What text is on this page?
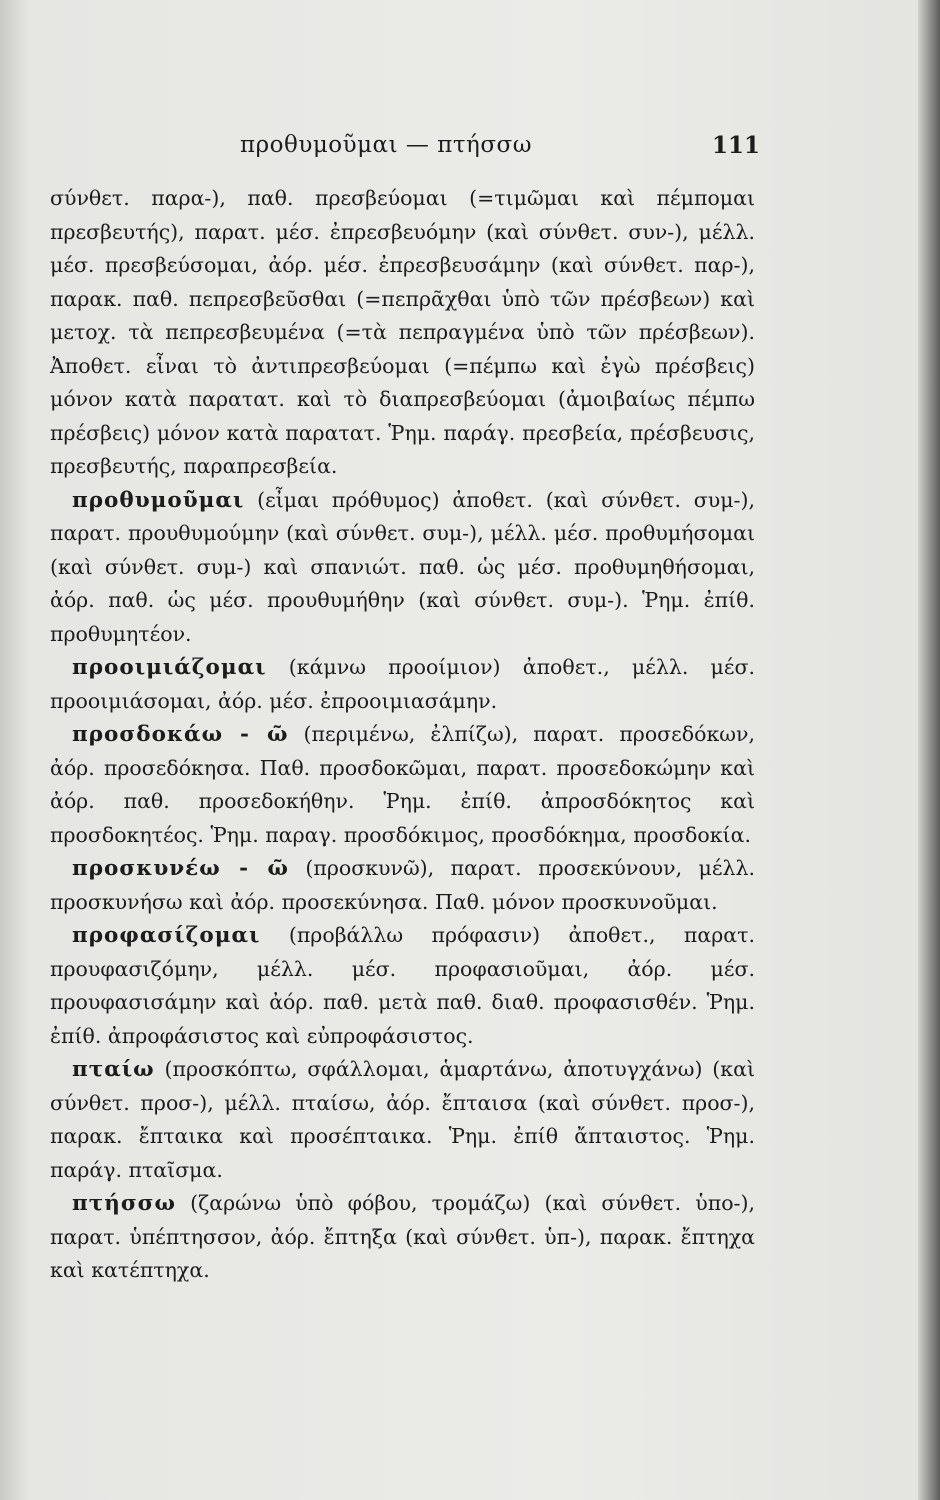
προθυμοῦμαι — πτήσσω	111

σύνθετ. παρα-), παθ. πρεσβεύομαι (=τιμῶμαι καὶ πέμπομαι πρεσβευτής), παρατ. μέσ. ἐπρεσβευόμην (καὶ σύνθετ. συν-), μέλλ. μέσ. πρεσβεύσομαι, ἀόρ. μέσ. ἐπρεσβευσάμην (καὶ σύνθετ. παρ-), παρακ. παθ. πεπρεσβεῦσθαι (=πεπρᾶχθαι ὑπὸ τῶν πρέσβεων) καὶ μετοχ. τὰ πεπρεσβευμένα (=τὰ πεπραγμένα ὑπὸ τῶν πρέσβεων). Ἀποθετ. εἶναι τὸ ἀντιπρεσβεύομαι (=πέμπω καὶ ἐγὼ πρέσβεις) μόνον κατὰ παρατατ. καὶ τὸ διαπρεσβεύομαι (ἀμοιβαίως πέμπω πρέσβεις) μόνον κατὰ παρατατ. Ῥημ. παράγ. πρεσβεία, πρέσβευσις, πρεσβευτής, παραπρεσβεία.

προθυμοῦμαι (εἶμαι πρόθυμος) ἀποθετ. (καὶ σύνθετ. συμ-), παρατ. προυθυμούμην (καὶ σύνθετ. συμ-), μέλλ. μέσ. προθυμήσομαι (καὶ σύνθετ. συμ-) καὶ σπανιώτ. παθ. ὡς μέσ. προθυμηθήσομαι, ἀόρ. παθ. ὡς μέσ. προυθυμήθην (καὶ σύνθετ. συμ-). Ῥημ. ἐπίθ. προθυμητέον.

προοιμιάζομαι (κάμνω προοίμιον) ἀποθετ., μέλλ. μέσ. προοιμιάσομαι, ἀόρ. μέσ. ἐπροοιμιασάμην.

προσδοκάω - ῶ (περιμένω, ἐλπίζω), παρατ. προσεδόκων, ἀόρ. προσεδόκησα. Παθ. προσδοκῶμαι, παρατ. προσεδοκώμην καὶ ἀόρ. παθ. προσεδοκήθην. Ῥημ. ἐπίθ. ἀπροσδόκητος καὶ προσδοκητέος. Ῥημ. παραγ. προσδόκιμος, προσδόκημα, προσδοκία.

προσκυνέω - ῶ (προσκυνῶ), παρατ. προσεκύνουν, μέλλ. προσκυνήσω καὶ ἀόρ. προσεκύνησα. Παθ. μόνον προσκυνοῦμαι.

προφασίζομαι (προβάλλω πρόφασιν) ἀποθετ., παρατ. προυφασιζόμην, μέλλ. μέσ. προφασιοῦμαι, ἀόρ. μέσ. προυφασισάμην καὶ ἀόρ. παθ. μετὰ παθ. διαθ. προφασισθέν. Ῥημ. ἐπίθ. ἀπροφάσιστος καὶ εὐπροφάσιστος.

πταίω (προσκόπτω, σφάλλομαι, ἁμαρτάνω, ἀποτυγχάνω) (καὶ σύνθετ. προσ-), μέλλ. πταίσω, ἀόρ. ἔπταισα (καὶ σύνθετ. προσ-), παρακ. ἔπταικα καὶ προσέπταικα. Ῥημ. ἐπίθ ἄπταιστος. Ῥημ. παράγ. πταῖσμα.

πτήσσω (ζαρώνω ὑπὸ φόβου, τρομάζω) (καὶ σύνθετ. ὑπο-), παρατ. ὑπέπτησσον, ἀόρ. ἔπτηξα (καὶ σύνθετ. ὑπ-), παρακ. ἔπτηχα καὶ κατέπτηχα.
